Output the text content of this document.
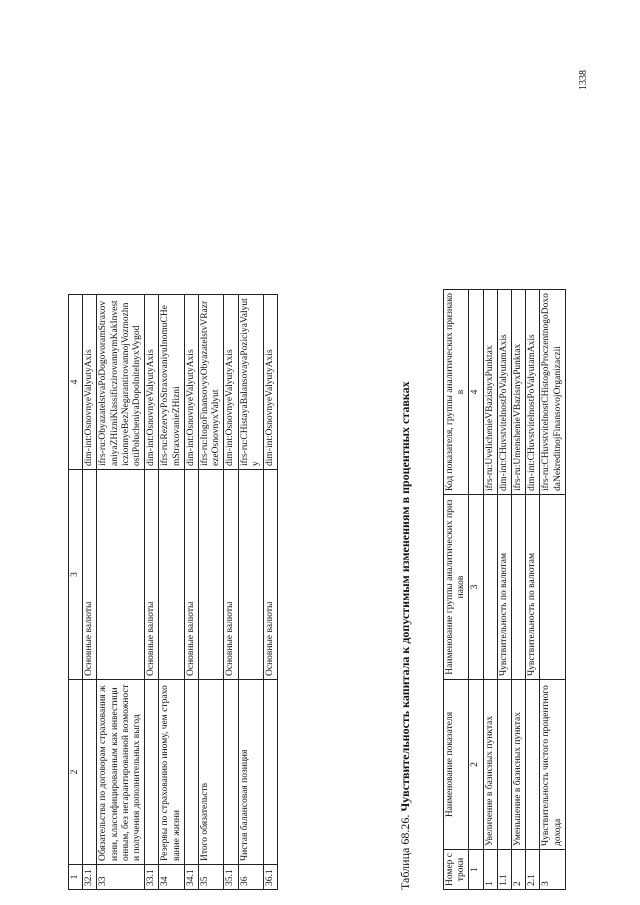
1	2	3	4
32.1		Основные валюты	dim-int:OsnovnyeValyutyAxis
33	Обязательства по договорам страхования жизни, классифицированным как инвестиционным, без негарантированной возможности получения дополнительных выгод		ifrs-ru:ObyazatelstvaPoDogovoramStraxovaniyaZHizniKlassificzirovannymKakInvesticzionnyeBezNegarantirovannojVozmozhnostiPolucheniyaDopolnitelnyxVygod
33.1		Основные валюты	dim-int:OsnovnyeValyutyAxis
34	Резервы по страхованию иному, чем страхование жизни		ifrs-ru:RezervyPoStraxovaniyuInomuCHemStraxovanieZHizni
34.1		Основные валюты	dim-int:OsnovnyeValyutyAxis
35	Итого обязательств		ifrs-ru:ItogoFinansovyxObyazatelstvVRazrezeOsnovnyxValyut
35.1		Основные валюты	dim-int:OsnovnyeValyutyAxis
36	Чистая балансовая позиция		ifrs-ru:CHistayaBalansovayaPoziciyaValyuty
36.1		Основные валюты	dim-int:OsnovnyeValyutyAxis
Таблица 68.26. Чувствительность капитала к допустимым изменениям в процентных ставках
Номер строки	Наименование показателя	Наименование группы аналитических признаков	Код показателя, группы аналитических признаков
1	2	3	4
1	Увеличение в базисных пунктах		ifrs-ru:UvelichenieVBazisnyxPunktax
1.1		Чувствительность по валютам	dim-int:CHuvstvitelnostPoValyutamAxis
2	Уменьшение в базисных пунктах		ifrs-ru:UmensheniеVBazisnyxPunktax
2.1		Чувствительность по валютам	dim-int:CHuvstvitelnostPoValyutamAxis
3	Чувствительность чистого процентного дохода		ifrs-ru:CHuvstvitelnostCHistogoProczentnogoDoxodaNekreditnojFinansovojOrganizaczii
1338
